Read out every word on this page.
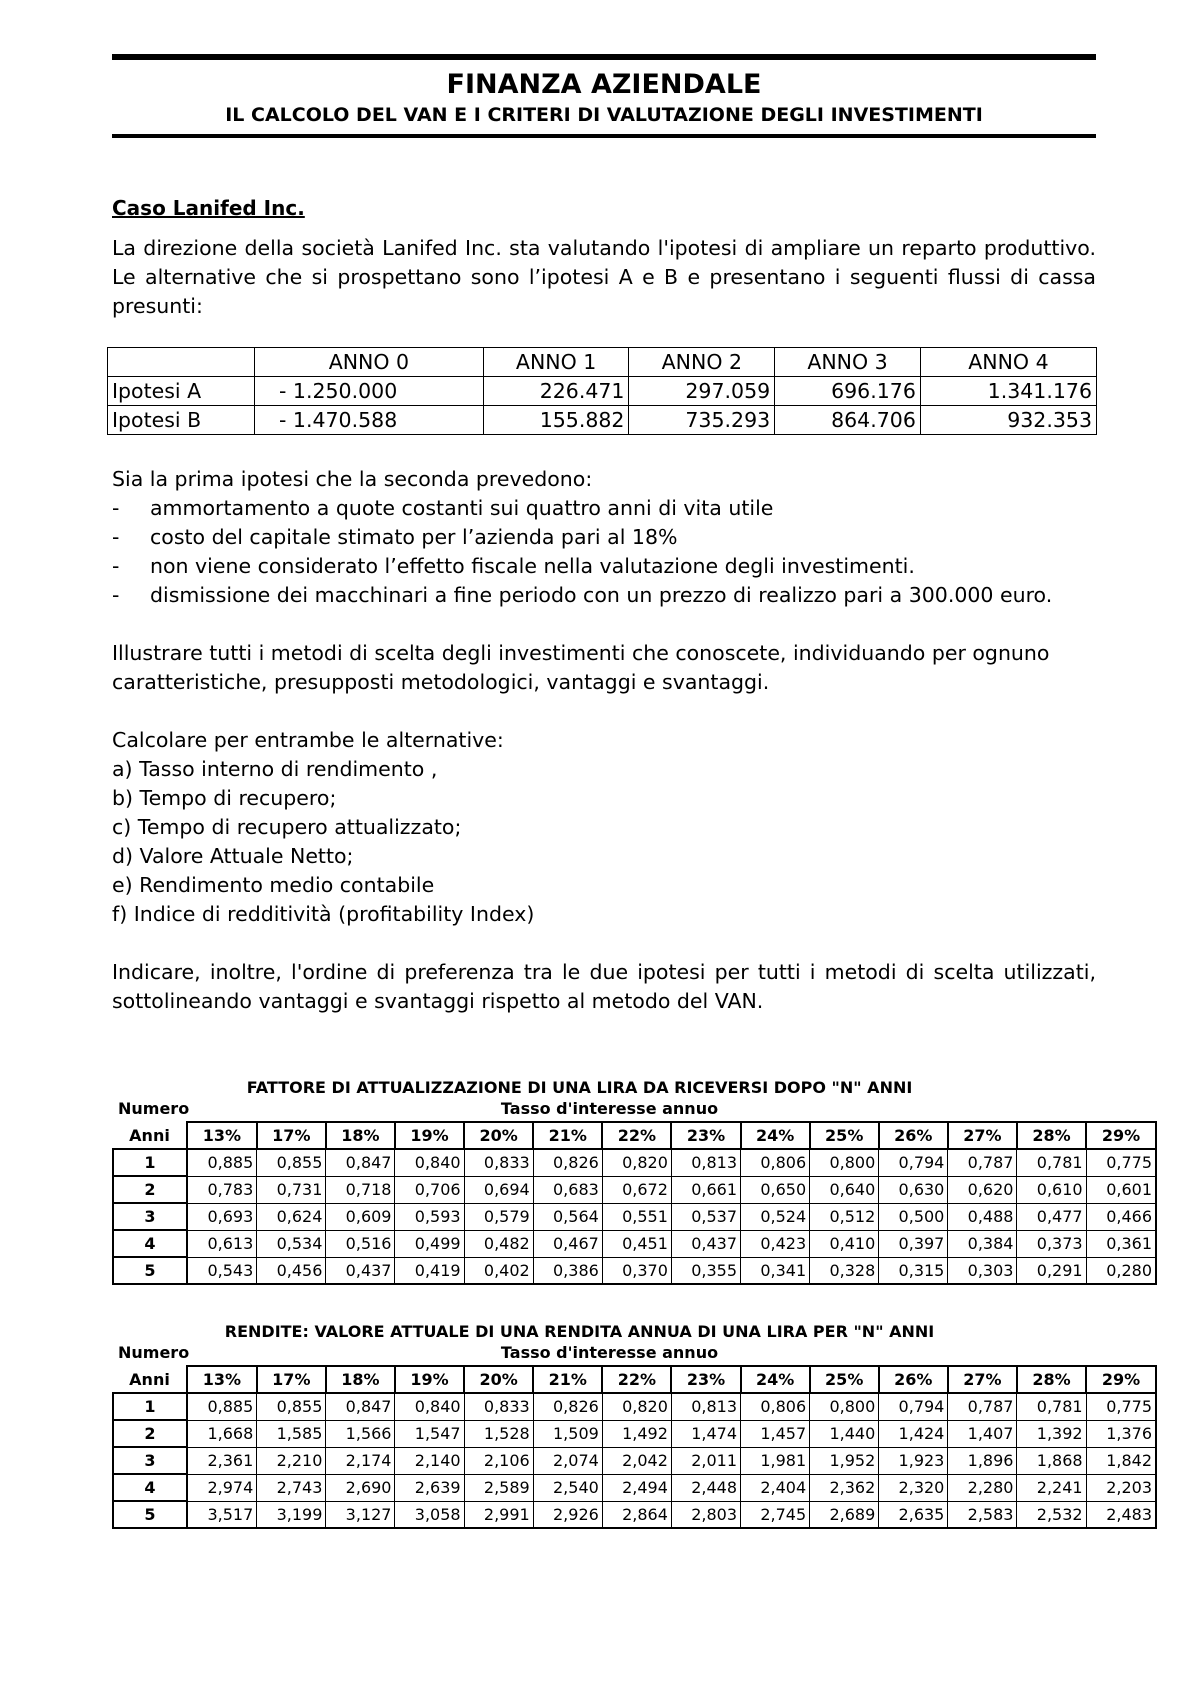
FINANZA AZIENDALE
IL CALCOLO DEL VAN E I CRITERI DI VALUTAZIONE DEGLI INVESTIMENTI
Caso Lanifed Inc.

La direzione della società Lanifed Inc. sta valutando l'ipotesi di ampliare un reparto produttivo. Le alternative che si prospettano sono l’ipotesi A e B e presentano i seguenti flussi di cassa presunti:

	ANNO 0	ANNO 1	ANNO 2	ANNO 3	ANNO 4
Ipotesi A	- 1.250.000	226.471	297.059	696.176	1.341.176
Ipotesi B	- 1.470.588	155.882	735.293	864.706	932.353

Sia la prima ipotesi che la seconda prevedono:

- ammortamento a quote costanti sui quattro anni di vita utile
- costo del capitale stimato per l’azienda pari al 18%
- non viene considerato l’effetto fiscale nella valutazione degli investimenti.
- dismissione dei macchinari a fine periodo con un prezzo di realizzo pari a 300.000 euro.

Illustrare tutti i metodi di scelta degli investimenti che conoscete, individuando per ognuno caratteristiche, presupposti metodologici, vantaggi e svantaggi.

Calcolare per entrambe le alternative:

a) Tasso interno di rendimento ,
b) Tempo di recupero;
c) Tempo di recupero attualizzato;
d) Valore Attuale Netto;
e) Rendimento medio contabile
f) Indice di redditività (profitability Index)

Indicare, inoltre, l'ordine di preferenza tra le due ipotesi per tutti i metodi di scelta utilizzati, sottolineando vantaggi e svantaggi rispetto al metodo del VAN.

FATTORE DI ATTUALIZZAZIONE DI UNA LIRA DA RICEVERSI DOPO "N" ANNI
Numero	Tasso d'interesse annuo
Anni	13%	17%	18%	19%	20%	21%	22%	23%	24%	25%	26%	27%	28%	29%
1	0,885	0,855	0,847	0,840	0,833	0,826	0,820	0,813	0,806	0,800	0,794	0,787	0,781	0,775
2	0,783	0,731	0,718	0,706	0,694	0,683	0,672	0,661	0,650	0,640	0,630	0,620	0,610	0,601
3	0,693	0,624	0,609	0,593	0,579	0,564	0,551	0,537	0,524	0,512	0,500	0,488	0,477	0,466
4	0,613	0,534	0,516	0,499	0,482	0,467	0,451	0,437	0,423	0,410	0,397	0,384	0,373	0,361
5	0,543	0,456	0,437	0,419	0,402	0,386	0,370	0,355	0,341	0,328	0,315	0,303	0,291	0,280
RENDITE: VALORE ATTUALE DI UNA RENDITA ANNUA DI UNA LIRA PER "N" ANNI
Numero	Tasso d'interesse annuo
Anni	13%	17%	18%	19%	20%	21%	22%	23%	24%	25%	26%	27%	28%	29%
1	0,885	0,855	0,847	0,840	0,833	0,826	0,820	0,813	0,806	0,800	0,794	0,787	0,781	0,775
2	1,668	1,585	1,566	1,547	1,528	1,509	1,492	1,474	1,457	1,440	1,424	1,407	1,392	1,376
3	2,361	2,210	2,174	2,140	2,106	2,074	2,042	2,011	1,981	1,952	1,923	1,896	1,868	1,842
4	2,974	2,743	2,690	2,639	2,589	2,540	2,494	2,448	2,404	2,362	2,320	2,280	2,241	2,203
5	3,517	3,199	3,127	3,058	2,991	2,926	2,864	2,803	2,745	2,689	2,635	2,583	2,532	2,483
